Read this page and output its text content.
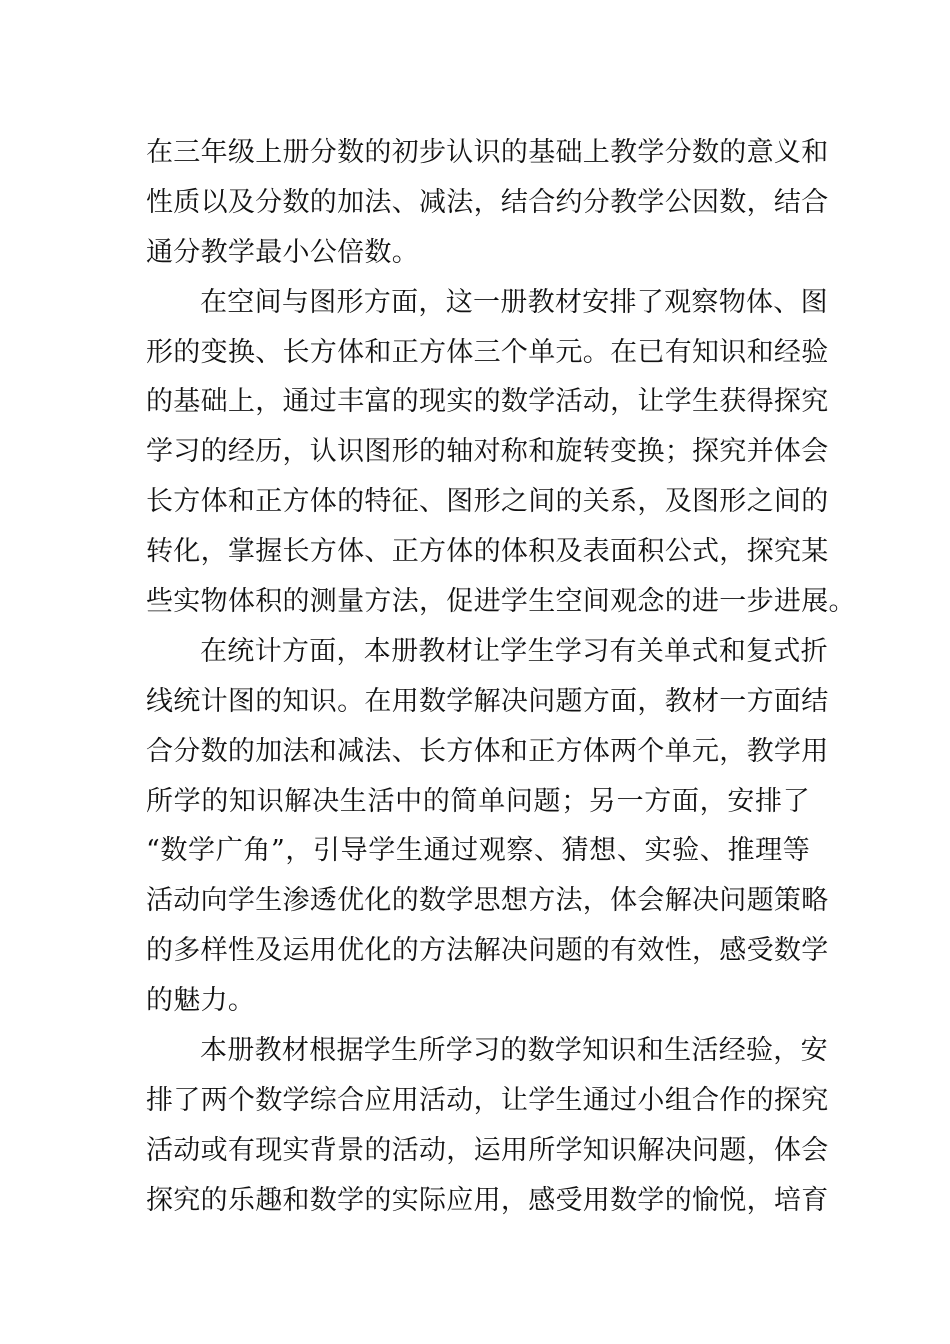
在三年级上册分数的初步认识的基础上教学分数的意义和
性质以及分数的加法、减法，结合约分教学公因数，结合
通分教学最小公倍数。
在空间与图形方面，这一册教材安排了观察物体、图
形的变换、长方体和正方体三个单元。在已有知识和经验
的基础上，通过丰富的现实的数学活动，让学生获得探究
学习的经历，认识图形的轴对称和旋转变换；探究并体会
长方体和正方体的特征、图形之间的关系，及图形之间的
转化，掌握长方体、正方体的体积及表面积公式，探究某
些实物体积的测量方法，促进学生空间观念的进一步进展。
在统计方面，本册教材让学生学习有关单式和复式折
线统计图的知识。在用数学解决问题方面，教材一方面结
合分数的加法和减法、长方体和正方体两个单元，教学用
所学的知识解决生活中的简单问题；另一方面，安排了
“数学广角”，引导学生通过观察、猜想、实验、推理等
活动向学生渗透优化的数学思想方法，体会解决问题策略
的多样性及运用优化的方法解决问题的有效性，感受数学
的魅力。
本册教材根据学生所学习的数学知识和生活经验，安
排了两个数学综合应用活动，让学生通过小组合作的探究
活动或有现实背景的活动，运用所学知识解决问题，体会
探究的乐趣和数学的实际应用，感受用数学的愉悦，培育
